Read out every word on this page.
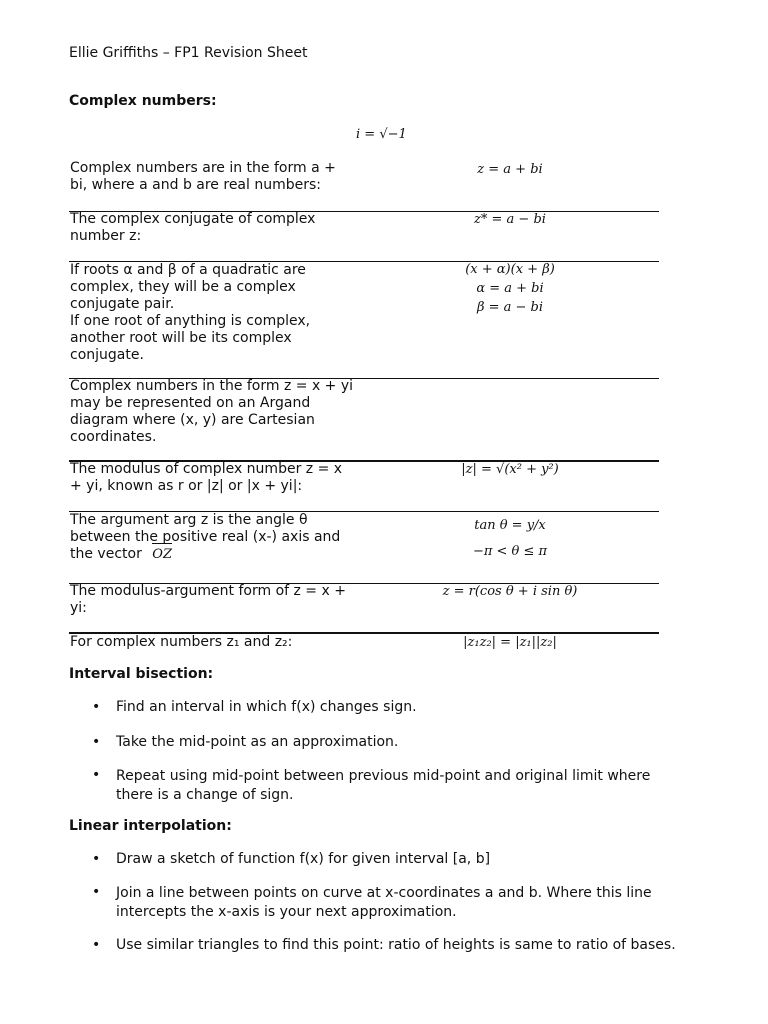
Ellie Griffiths – FP1 Revision Sheet
Complex numbers:
i = √−1
Complex numbers are in the form a + bi, where a and b are real numbers:
z = a + bi
The complex conjugate of complex number z:
z* = a − bi
If roots α and β of a quadratic are complex, they will be a complex conjugate pair.
If one root of anything is complex, another root will be its complex conjugate.
(x + α)(x + β)
α = a + bi
β = a − bi
Complex numbers in the form z = x + yi may be represented on an Argand diagram where (x, y) are Cartesian coordinates.
The modulus of complex number z = x + yi, known as r or |z| or |x + yi|:
|z| = √(x² + y²)
The argument arg z is the angle θ between the positive real (x-) axis and the vector OZ
tan θ = y/x
−π < θ ≤ π
The modulus-argument form of z = x + yi:
z = r(cos θ + i sin θ)
For complex numbers z₁ and z₂:	|z₁z₂| = |z₁||z₂|
Interval bisection:
• Find an interval in which f(x) changes sign.
• Take the mid-point as an approximation.
• Repeat using mid-point between previous mid-point and original limit where there is a change of sign.
Linear interpolation:
• Draw a sketch of function f(x) for given interval [a, b]
• Join a line between points on curve at x-coordinates a and b. Where this line intercepts the x-axis is your next approximation.
• Use similar triangles to find this point: ratio of heights is same to ratio of bases.
